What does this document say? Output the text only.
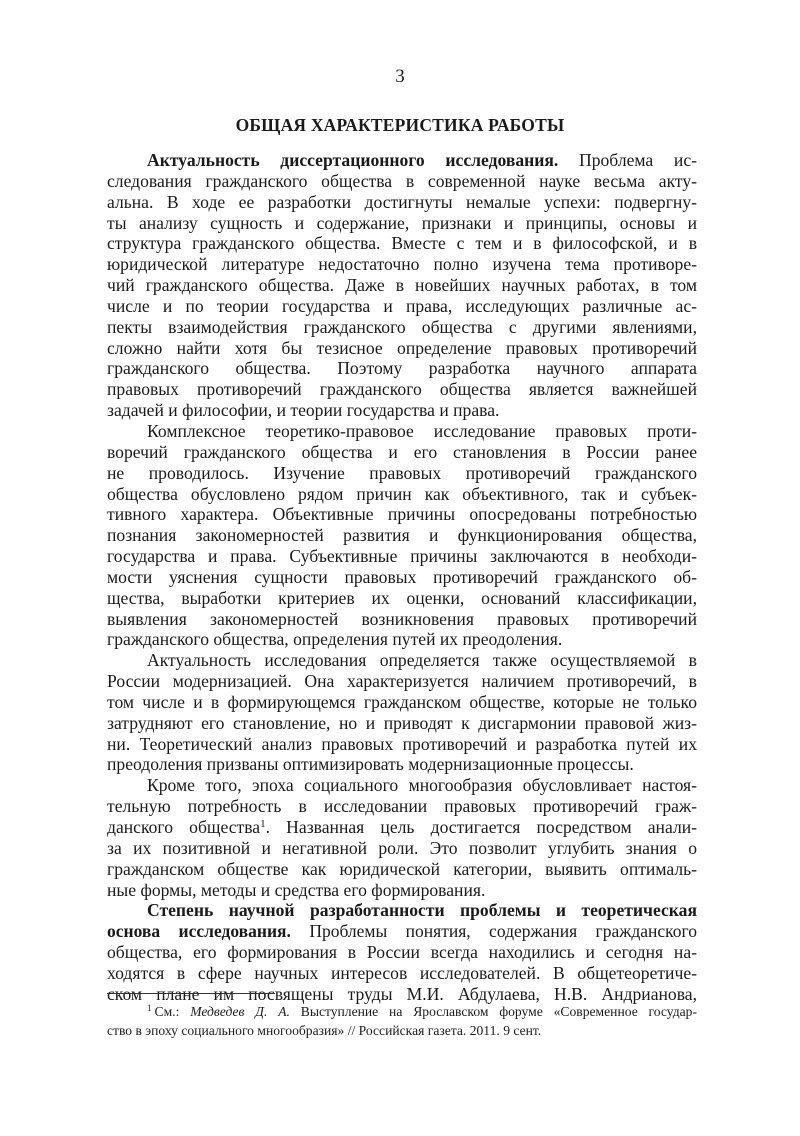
3
ОБЩАЯ ХАРАКТЕРИСТИКА РАБОТЫ
Актуальность диссертационного исследования. Проблема ис-
следования гражданского общества в современной науке весьма акту-
альна. В ходе ее разработки достигнуты немалые успехи: подвергну-
ты анализу сущность и содержание, признаки и принципы, основы и
структура гражданского общества. Вместе с тем и в философской, и в
юридической литературе недостаточно полно изучена тема противоре-
чий гражданского общества. Даже в новейших научных работах, в том
числе и по теории государства и права, исследующих различные ас-
пекты взаимодействия гражданского общества с другими явлениями,
сложно найти хотя бы тезисное определение правовых противоречий
гражданского общества. Поэтому разработка научного аппарата
правовых противоречий гражданского общества является важнейшей
задачей и философии, и теории государства и права.
Комплексное теоретико-правовое исследование правовых проти-
воречий гражданского общества и его становления в России ранее
не проводилось. Изучение правовых противоречий гражданского
общества обусловлено рядом причин как объективного, так и субъек-
тивного характера. Объективные причины опосредованы потребностью
познания закономерностей развития и функционирования общества,
государства и права. Субъективные причины заключаются в необходи-
мости уяснения сущности правовых противоречий гражданского об-
щества, выработки критериев их оценки, оснований классификации,
выявления закономерностей возникновения правовых противоречий
гражданского общества, определения путей их преодоления.
Актуальность исследования определяется также осуществляемой в
России модернизацией. Она характеризуется наличием противоречий, в
том числе и в формирующемся гражданском обществе, которые не только
затрудняют его становление, но и приводят к дисгармонии правовой жиз-
ни. Теоретический анализ правовых противоречий и разработка путей их
преодоления призваны оптимизировать модернизационные процессы.
Кроме того, эпоха социального многообразия обусловливает настоя-
тельную потребность в исследовании правовых противоречий граж-
данского общества$^1$. Названная цель достигается посредством анали-
за их позитивной и негативной роли. Это позволит углубить знания о
гражданском обществе как юридической категории, выявить оптималь-
ные формы, методы и средства его формирования.
Степень научной разработанности проблемы и теоретическая
основа исследования. Проблемы понятия, содержания гражданского
общества, его формирования в России всегда находились и сегодня на-
ходятся в сфере научных интересов исследователей. В общетеоретиче-
ском плане им посвящены труды М.И. Абдулаева, Н.В. Андрианова,
$^1$ См.: Медведев Д. А. Выступление на Ярославском форуме «Современное государ-
ство в эпоху социального многообразия» // Российская газета. 2011. 9 сент.
